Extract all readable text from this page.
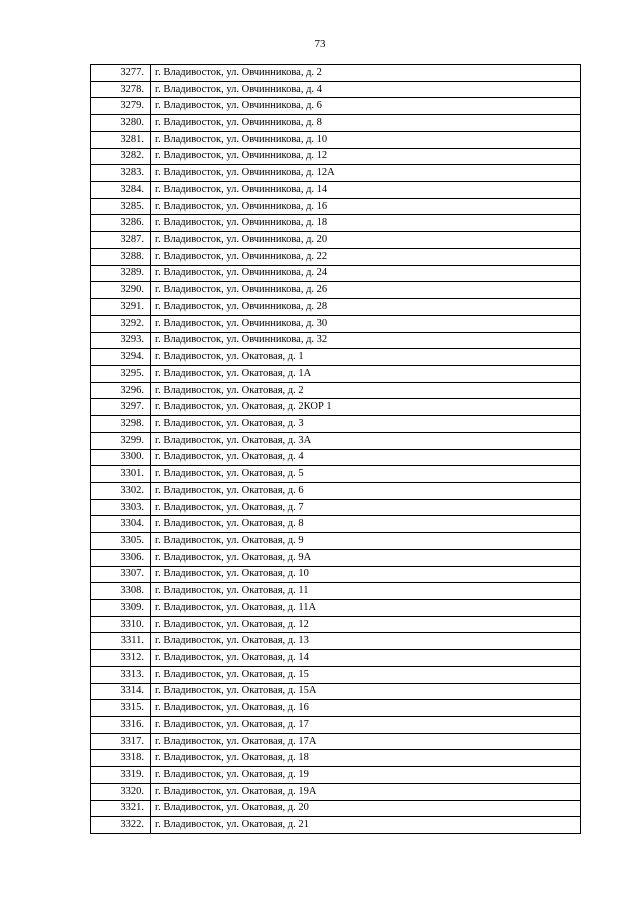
73
3277.	г. Владивосток, ул. Овчинникова, д. 2
3278.	г. Владивосток, ул. Овчинникова, д. 4
3279.	г. Владивосток, ул. Овчинникова, д. 6
3280.	г. Владивосток, ул. Овчинникова, д. 8
3281.	г. Владивосток, ул. Овчинникова, д. 10
3282.	г. Владивосток, ул. Овчинникова, д. 12
3283.	г. Владивосток, ул. Овчинникова, д. 12А
3284.	г. Владивосток, ул. Овчинникова, д. 14
3285.	г. Владивосток, ул. Овчинникова, д. 16
3286.	г. Владивосток, ул. Овчинникова, д. 18
3287.	г. Владивосток, ул. Овчинникова, д. 20
3288.	г. Владивосток, ул. Овчинникова, д. 22
3289.	г. Владивосток, ул. Овчинникова, д. 24
3290.	г. Владивосток, ул. Овчинникова, д. 26
3291.	г. Владивосток, ул. Овчинникова, д. 28
3292.	г. Владивосток, ул. Овчинникова, д. 30
3293.	г. Владивосток, ул. Овчинникова, д. 32
3294.	г. Владивосток, ул. Окатовая, д. 1
3295.	г. Владивосток, ул. Окатовая, д. 1А
3296.	г. Владивосток, ул. Окатовая, д. 2
3297.	г. Владивосток, ул. Окатовая, д. 2КОР 1
3298.	г. Владивосток, ул. Окатовая, д. 3
3299.	г. Владивосток, ул. Окатовая, д. 3А
3300.	г. Владивосток, ул. Окатовая, д. 4
3301.	г. Владивосток, ул. Окатовая, д. 5
3302.	г. Владивосток, ул. Окатовая, д. 6
3303.	г. Владивосток, ул. Окатовая, д. 7
3304.	г. Владивосток, ул. Окатовая, д. 8
3305.	г. Владивосток, ул. Окатовая, д. 9
3306.	г. Владивосток, ул. Окатовая, д. 9А
3307.	г. Владивосток, ул. Окатовая, д. 10
3308.	г. Владивосток, ул. Окатовая, д. 11
3309.	г. Владивосток, ул. Окатовая, д. 11А
3310.	г. Владивосток, ул. Окатовая, д. 12
3311.	г. Владивосток, ул. Окатовая, д. 13
3312.	г. Владивосток, ул. Окатовая, д. 14
3313.	г. Владивосток, ул. Окатовая, д. 15
3314.	г. Владивосток, ул. Окатовая, д. 15А
3315.	г. Владивосток, ул. Окатовая, д. 16
3316.	г. Владивосток, ул. Окатовая, д. 17
3317.	г. Владивосток, ул. Окатовая, д. 17А
3318.	г. Владивосток, ул. Окатовая, д. 18
3319.	г. Владивосток, ул. Окатовая, д. 19
3320.	г. Владивосток, ул. Окатовая, д. 19А
3321.	г. Владивосток, ул. Окатовая, д. 20
3322.	г. Владивосток, ул. Окатовая, д. 21
